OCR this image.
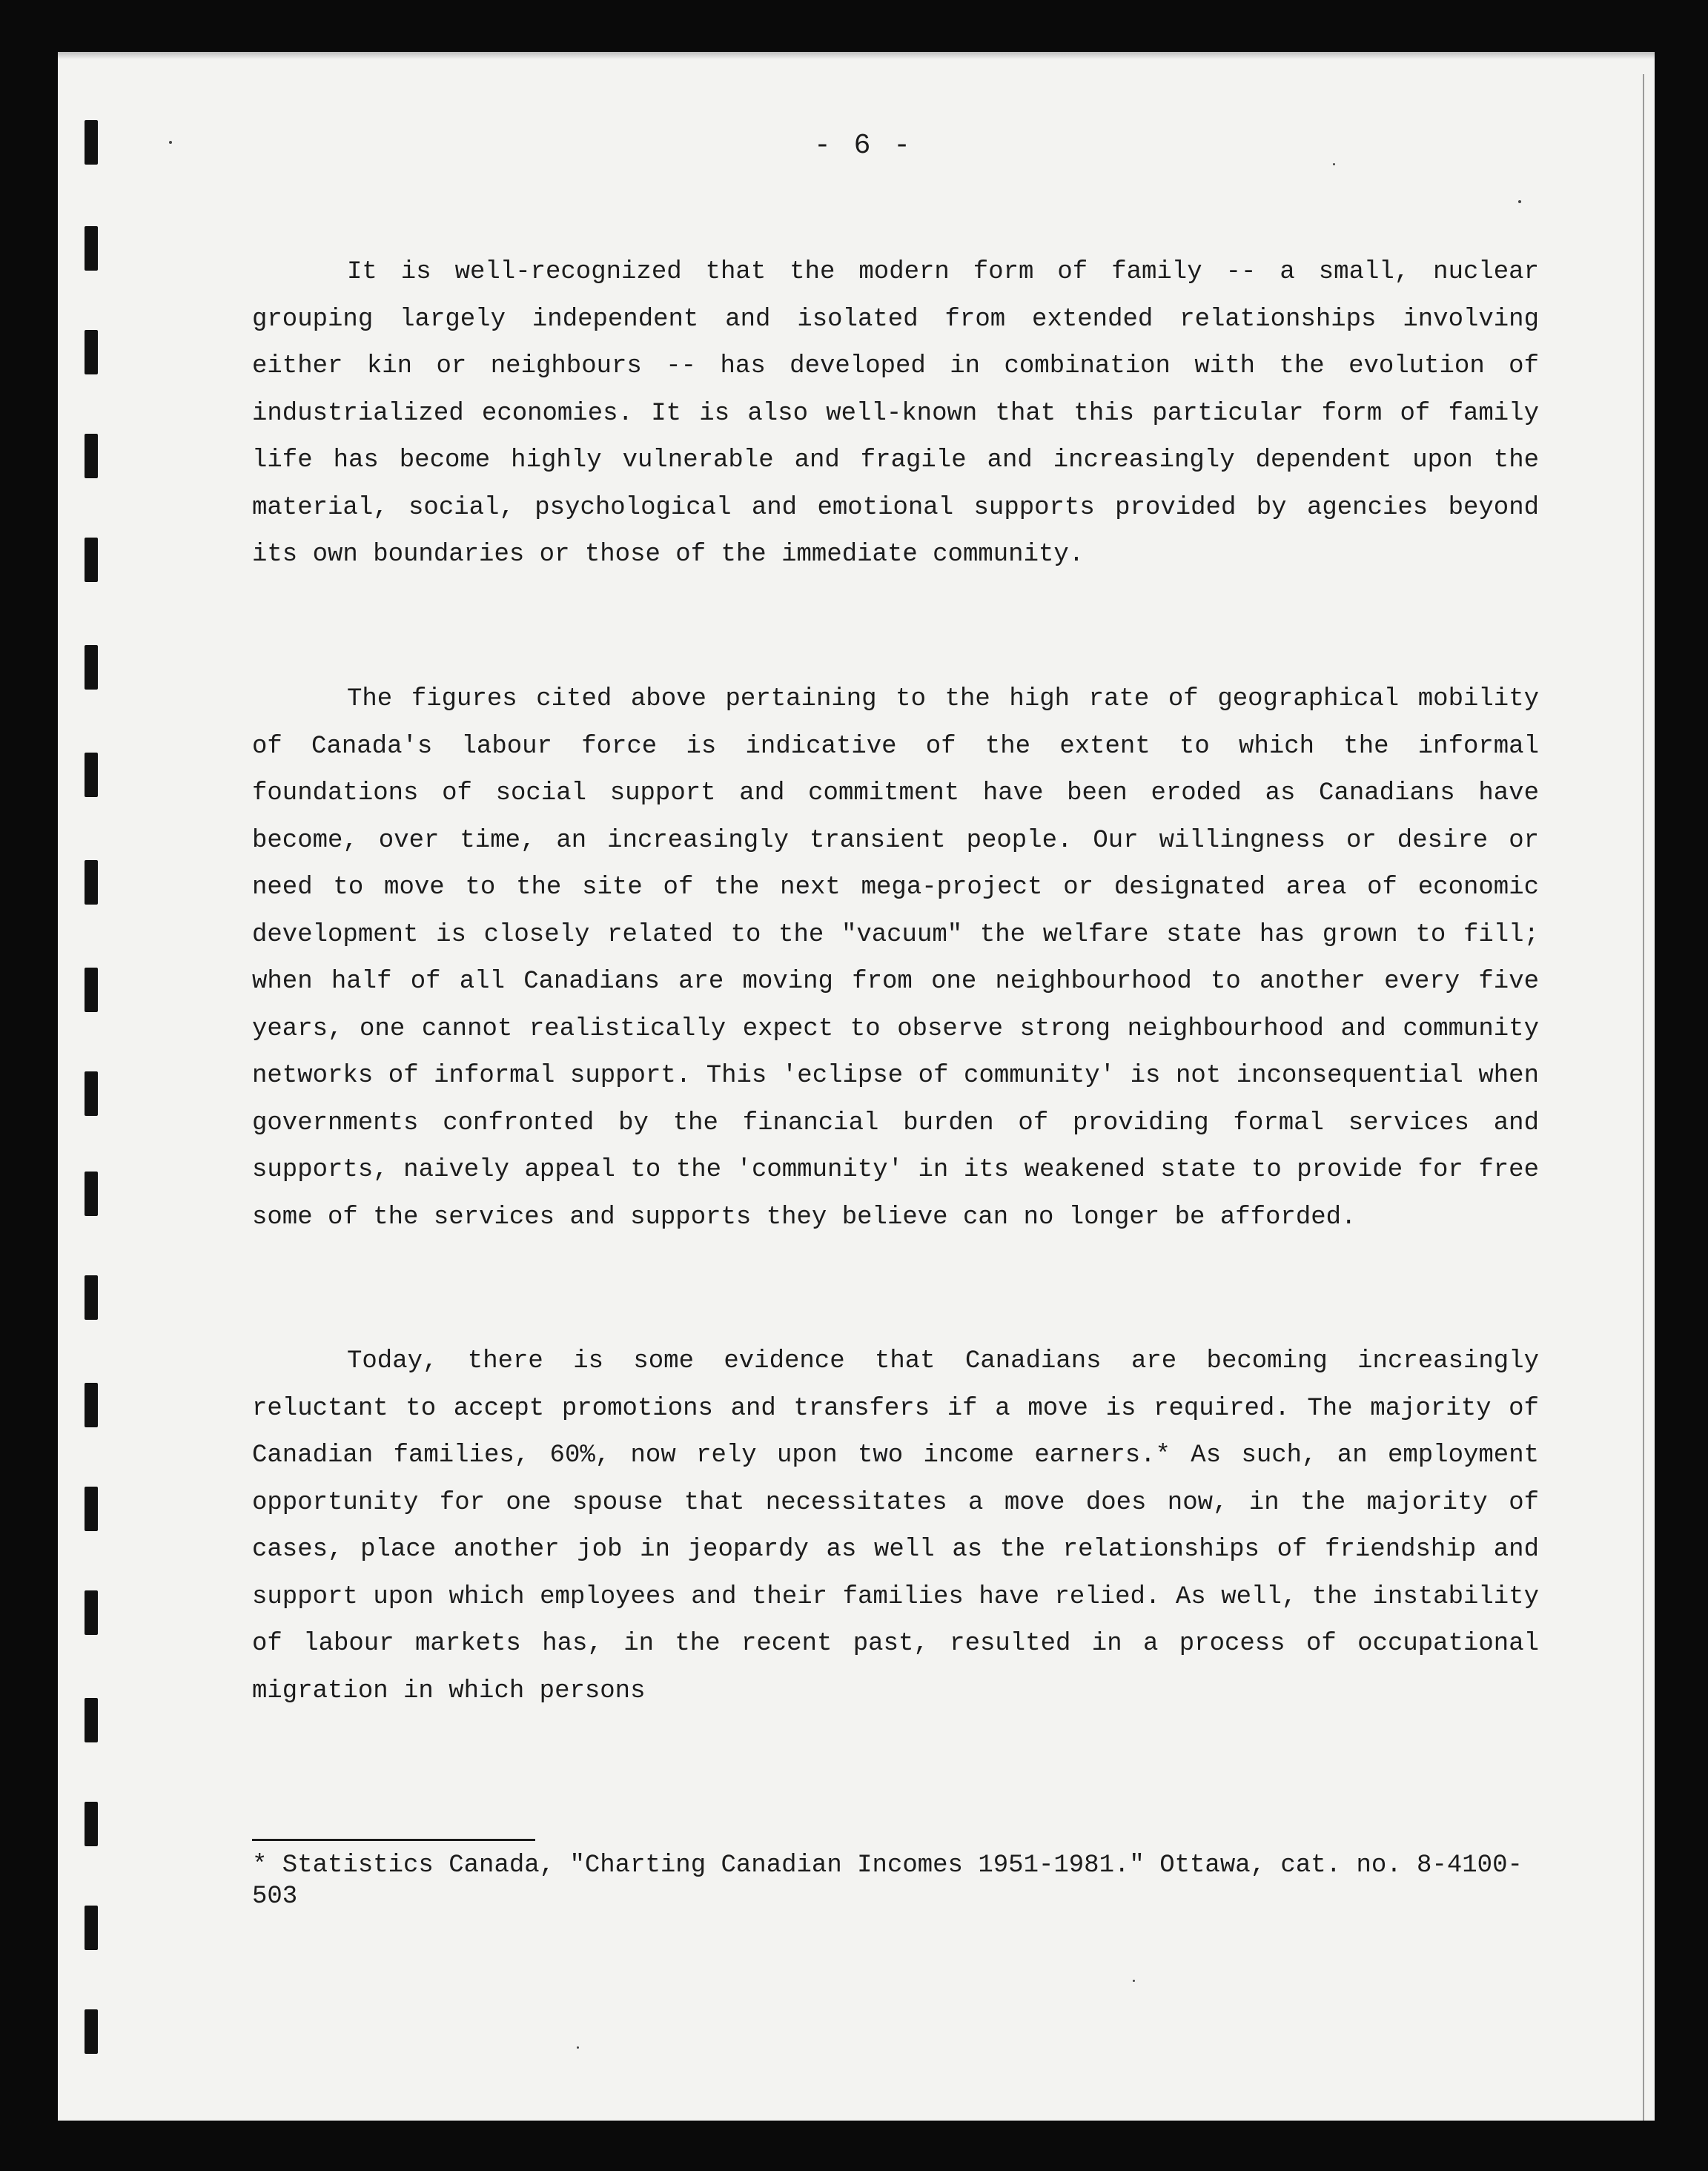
- 6 -

It is well-recognized that the modern form of family -- a small, nuclear grouping largely independent and isolated from extended relationships involving either kin or neighbours -- has developed in combination with the evolution of industrialized economies. It is also well-known that this particular form of family life has become highly vulnerable and fragile and increasingly dependent upon the material, social, psychological and emotional supports provided by agencies beyond its own boundaries or those of the immediate community.

The figures cited above pertaining to the high rate of geographical mobility of Canada's labour force is indicative of the extent to which the informal foundations of social support and commitment have been eroded as Canadians have become, over time, an increasingly transient people. Our willingness or desire or need to move to the site of the next mega-project or designated area of economic development is closely related to the "vacuum" the welfare state has grown to fill; when half of all Canadians are moving from one neighbourhood to another every five years, one cannot realistically expect to observe strong neighbourhood and community networks of informal support. This 'eclipse of community' is not inconsequential when governments confronted by the financial burden of providing formal services and supports, naively appeal to the 'community' in its weakened state to provide for free some of the services and supports they believe can no longer be afforded.

Today, there is some evidence that Canadians are becoming increasingly reluctant to accept promotions and transfers if a move is required. The majority of Canadian families, 60%, now rely upon two income earners.* As such, an employment opportunity for one spouse that necessitates a move does now, in the majority of cases, place another job in jeopardy as well as the relationships of friendship and support upon which employees and their families have relied. As well, the instability of labour markets has, in the recent past, resulted in a process of occupational migration in which persons

* Statistics Canada, "Charting Canadian Incomes 1951-1981." Ottawa, cat. no. 8-4100-503
